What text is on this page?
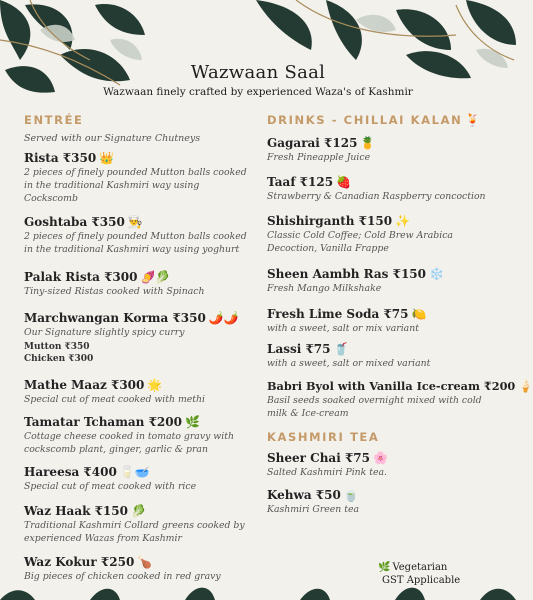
Wazwaan Saal
Wazwaan finely crafted by experienced Waza's of Kashmir
ENTRÉE
Served with our Signature Chutneys
Rista ₹350 👑
2 pieces of finely pounded Mutton balls cooked in the traditional Kashmiri way using Cockscomb
Goshtaba ₹350 👨‍🍳
2 pieces of finely pounded Mutton balls cooked in the traditional Kashmiri way using yoghurt
Palak Rista ₹300 🍠🥬
Tiny-sized Ristas cooked with Spinach
Marchwangan Korma ₹350 🌶️🌶️
Our Signature slightly spicy curry
Mutton ₹350
Chicken ₹300
Mathe Maaz ₹300 🌟
Special cut of meat cooked with methi
Tamatar Tchaman ₹200 🌿
Cottage cheese cooked in tomato gravy with cockscomb plant, ginger, garlic & pran
Hareesa ₹400 🥛🥣
Special cut of meat cooked with rice
Waz Haak ₹150 🥬
Traditional Kashmiri Collard greens cooked by experienced Wazas from Kashmir
Waz Kokur ₹250 🍗
Big pieces of chicken cooked in red gravy
DRINKS - CHILLAI KALAN 🍹
Gagarai ₹125 🍍
Fresh Pineapple Juice
Taaf ₹125 🍓
Strawberry & Canadian Raspberry concoction
Shishirganth ₹150 ✨
Classic Cold Coffee; Cold Brew Arabica Decoction, Vanilla Frappe
Sheen Aambh Ras ₹150 ❄️
Fresh Mango Milkshake
Fresh Lime Soda ₹75 🍋
with a sweet, salt or mix variant
Lassi ₹75 🥤
with a sweet, salt or mixed variant
Babri Byol with Vanilla Ice-cream ₹200 🍦
Basil seeds soaked overnight mixed with cold milk & Ice-cream
KASHMIRI TEA
Sheer Chai ₹75 🌸
Salted Kashmiri Pink tea.
Kehwa ₹50 🍵
Kashmiri Green tea
🌿 Vegetarian
GST Applicable
